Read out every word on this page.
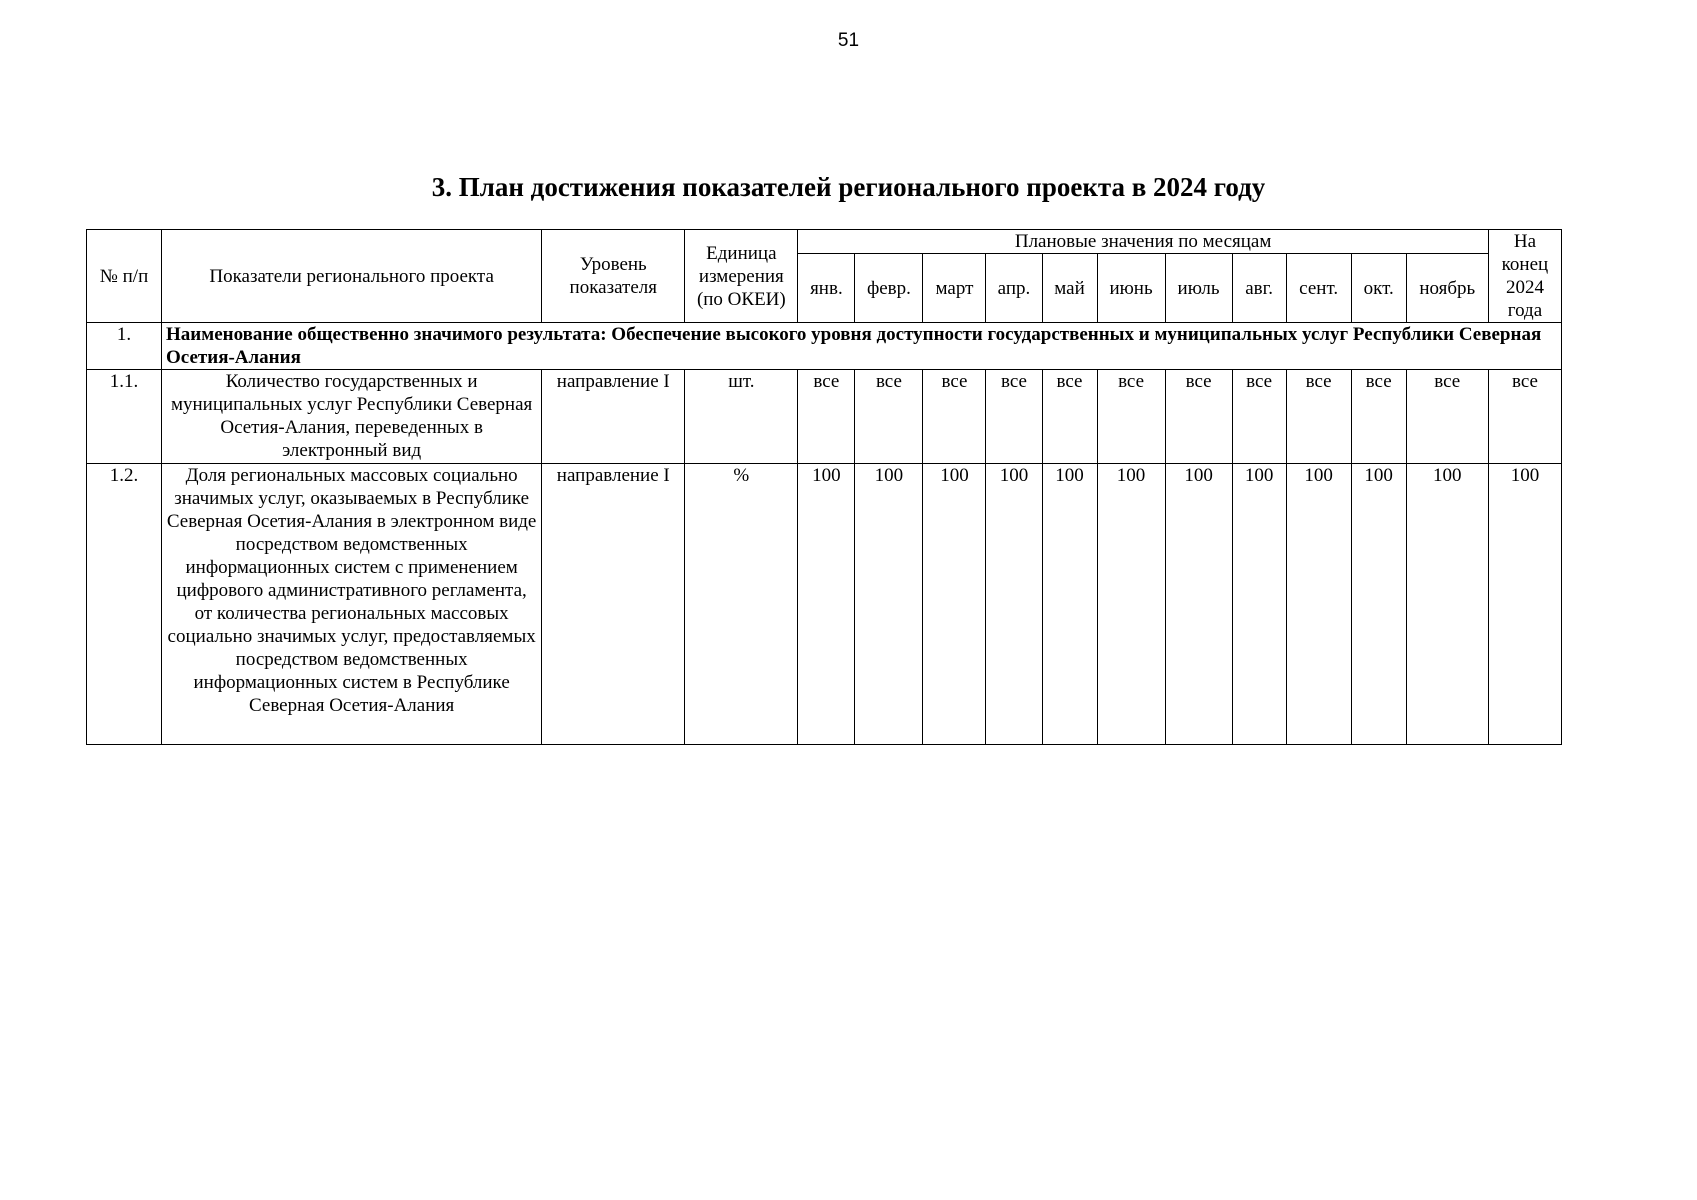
51
3. План достижения показателей регионального проекта в 2024 году
№ п/п	Показатели регионального проекта	Уровень показателя	Единица измерения (по ОКЕИ)	Плановые значения по месяцам											На конец 2024 года
				янв.	февр.	март	апр.	май	июнь	июль	авг.	сент.	окт.	ноябрь	
1.	Наименование общественно значимого результата: Обеспечение высокого уровня доступности государственных и муниципальных услуг Республики Северная Осетия-Алания														
1.1.	Количество государственных и муниципальных услуг Республики Северная Осетия-Алания, переведенных в электронный вид	направление I	шт.	все	все	все	все	все	все	все	все	все	все	все	все
1.2.	Доля региональных массовых социально значимых услуг, оказываемых в Республике Северная Осетия-Алания в электронном виде посредством ведомственных информационных систем с применением цифрового административного регламента, от количества региональных массовых социально значимых услуг, предоставляемых посредством ведомственных информационных систем в Республике Северная Осетия-Алания	направление I	%	100	100	100	100	100	100	100	100	100	100	100	100
